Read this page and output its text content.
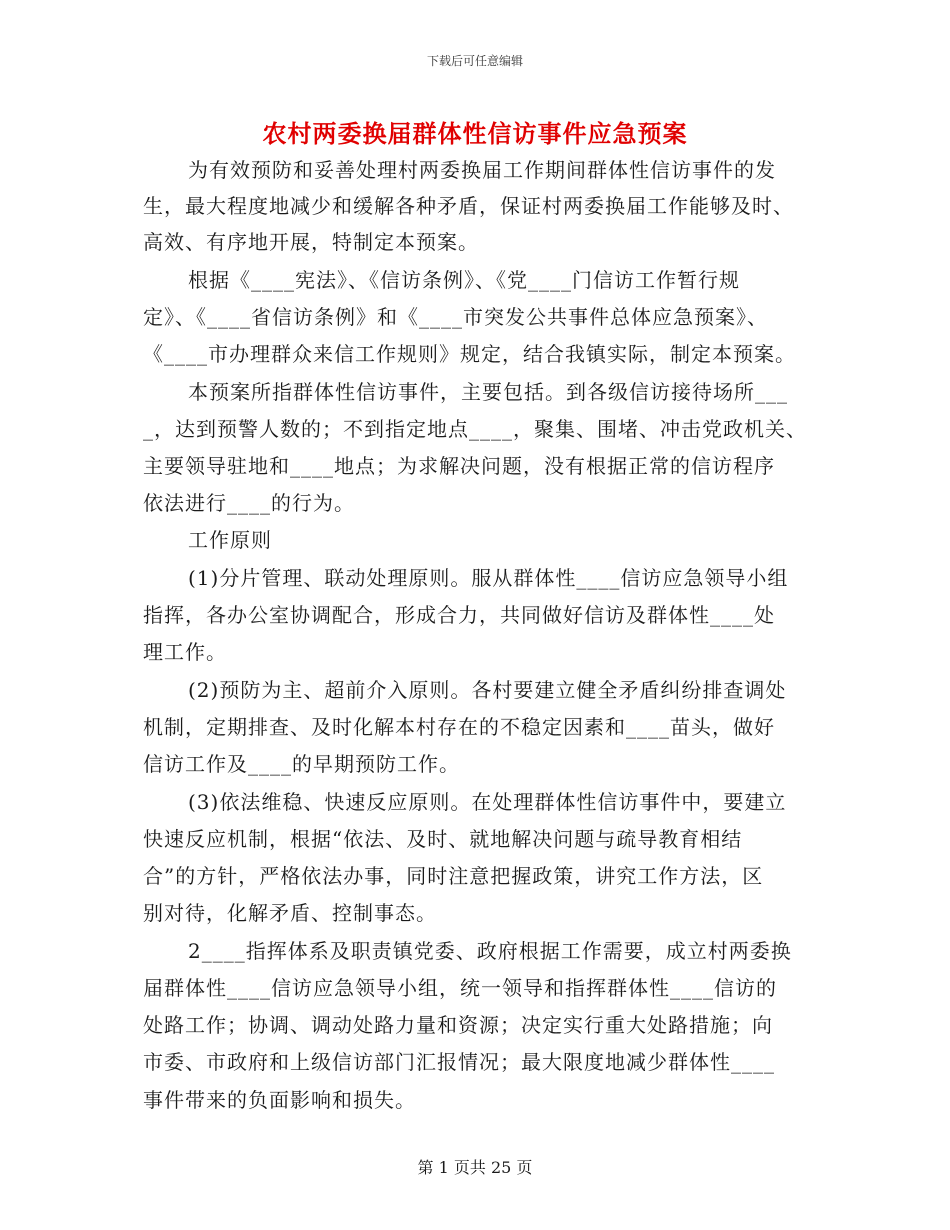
下载后可任意编辑
农村两委换届群体性信访事件应急预案
为有效预防和妥善处理村两委换届工作期间群体性信访事件的发
生，最大程度地减少和缓解各种矛盾，保证村两委换届工作能够及时、
高效、有序地开展，特制定本预案。
根据《____宪法》、《信访条例》、《党____门信访工作暂行规
定》、《____省信访条例》和《____市突发公共事件总体应急预案》、
《____市办理群众来信工作规则》规定，结合我镇实际，制定本预案。
本预案所指群体性信访事件，主要包括。到各级信访接待场所___
_，达到预警人数的；不到指定地点____，聚集、围堵、冲击党政机关、
主要领导驻地和____地点；为求解决问题，没有根据正常的信访程序
依法进行____的行为。
工作原则
(1)分片管理、联动处理原则。服从群体性____信访应急领导小组
指挥，各办公室协调配合，形成合力，共同做好信访及群体性____处
理工作。
(2)预防为主、超前介入原则。各村要建立健全矛盾纠纷排查调处
机制，定期排查、及时化解本村存在的不稳定因素和____苗头，做好
信访工作及____的早期预防工作。
(3)依法维稳、快速反应原则。在处理群体性信访事件中，要建立
快速反应机制，根据“依法、及时、就地解决问题与疏导教育相结
合”的方针，严格依法办事，同时注意把握政策，讲究工作方法，区
别对待，化解矛盾、控制事态。
2____指挥体系及职责镇党委、政府根据工作需要，成立村两委换
届群体性____信访应急领导小组，统一领导和指挥群体性____信访的
处路工作；协调、调动处路力量和资源；决定实行重大处路措施；向
市委、市政府和上级信访部门汇报情况；最大限度地减少群体性____
事件带来的负面影响和损失。
第 1 页共 25 页
